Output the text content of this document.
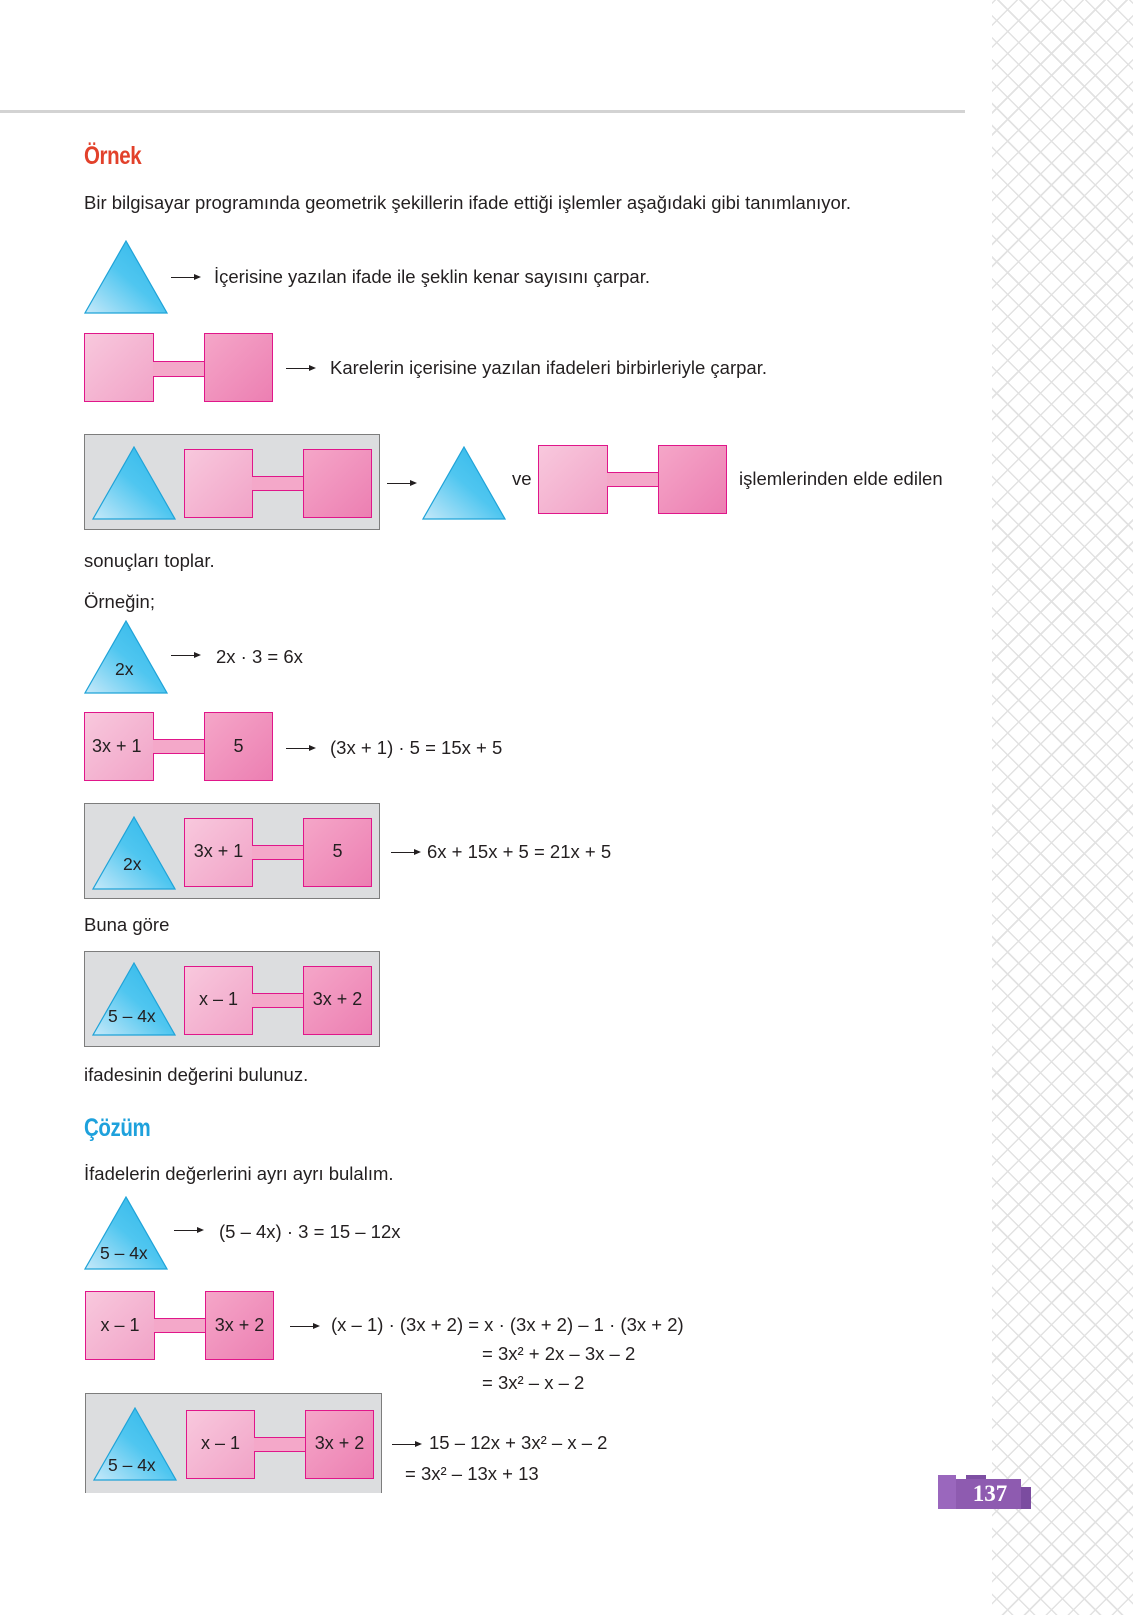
Örnek
Bir bilgisayar programında geometrik şekillerin ifade ettiği işlemler aşağıdaki gibi tanımlanıyor.
İçerisine yazılan ifade ile şeklin kenar sayısını çarpar.
Karelerin içerisine yazılan ifadeleri birbirleriyle çarpar.
ve	işlemlerinden elde edilen
sonuçları toplar.
Örneğin;
2x
2x · 3 = 6x
3x + 1	5	(3x + 1) · 5 = 15x + 5
2x
3x + 1	5	6x + 15x + 5 = 21x + 5
Buna göre
5 – 4x
x – 1	3x + 2
ifadesinin değerini bulunuz.
Çözüm
İfadelerin değerlerini ayrı ayrı bulalım.
5 – 4x
(5 – 4x) · 3 = 15 – 12x
x – 1	3x + 2	(x – 1) · (3x + 2) = x · (3x + 2) – 1 · (3x + 2)
= 3x² + 2x – 3x – 2
= 3x² – x – 2
5 – 4x
x – 1	3x + 2	15 – 12x + 3x² – x – 2
= 3x² – 13x + 13
137
